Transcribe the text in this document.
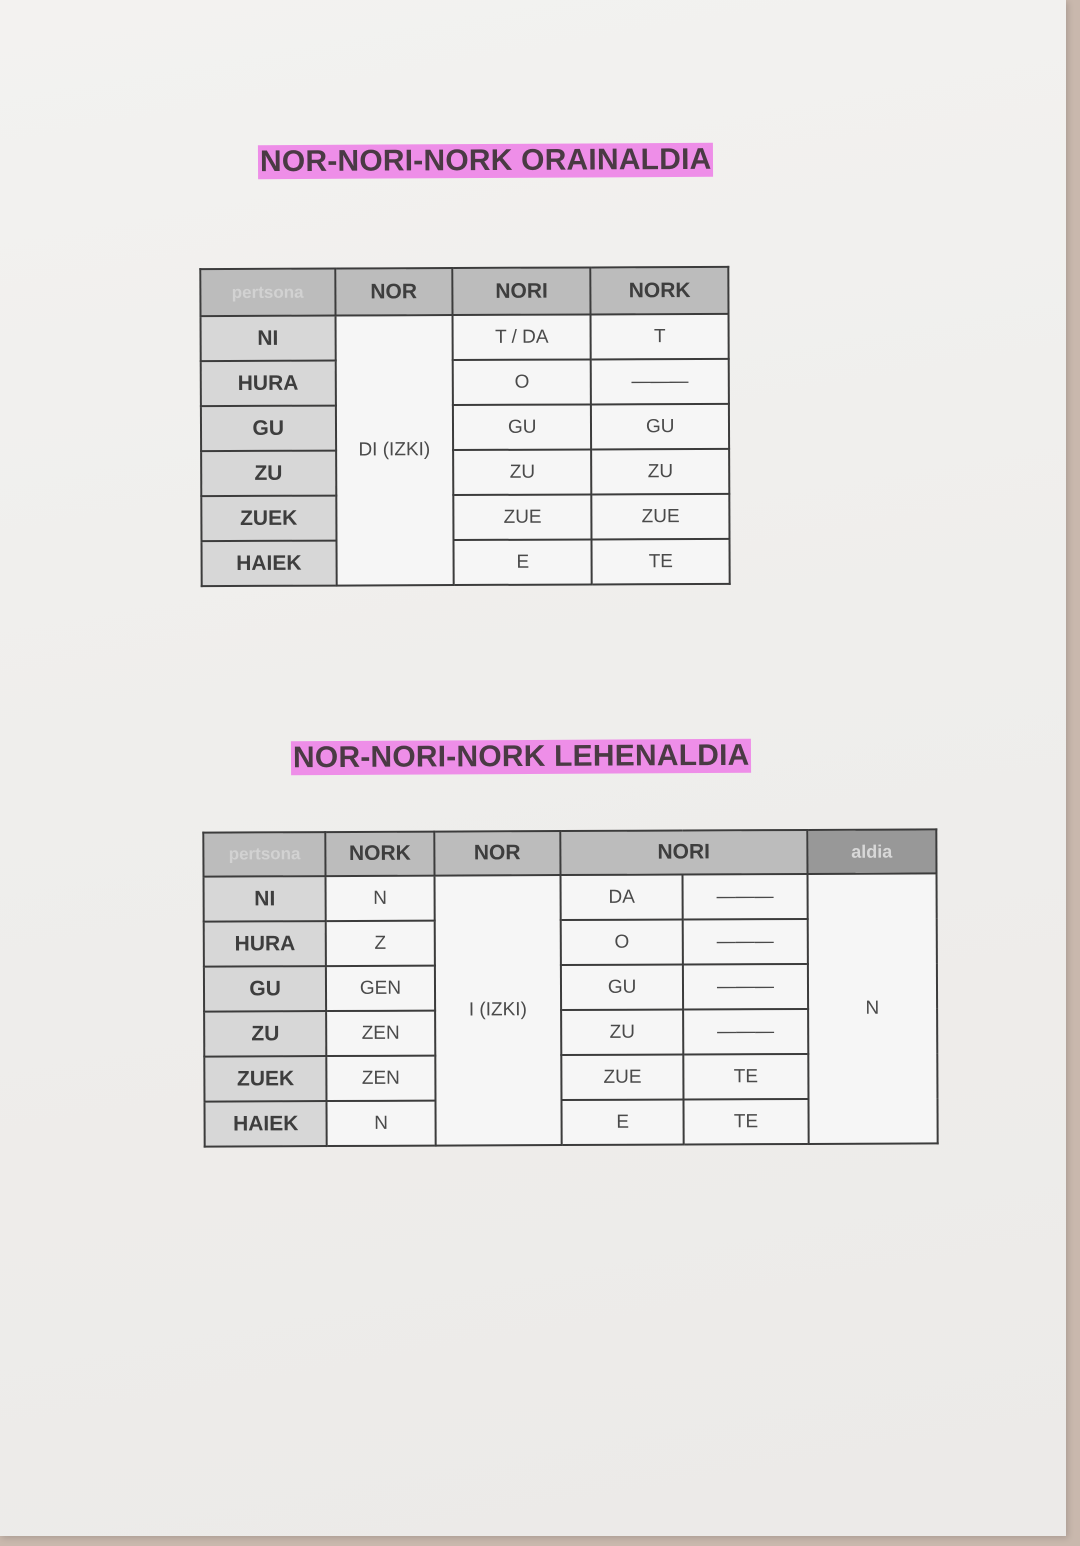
NOR-NORI-NORK ORAINALDIA
pertsona	NOR	NORI	NORK
NI	DI (IZKI)	T / DA	T
HURA		O	———
GU		GU	GU
ZU		ZU	ZU
ZUEK		ZUE	ZUE
HAIEK		E	TE
NOR-NORI-NORK LEHENALDIA
pertsona	NORK	NOR	NORI		aldia
NI	N	I (IZKI)	DA	———	N
HURA	Z		O	———	
GU	GEN		GU	———	
ZU	ZEN		ZU	———	
ZUEK	ZEN		ZUE	TE	
HAIEK	N		E	TE	
